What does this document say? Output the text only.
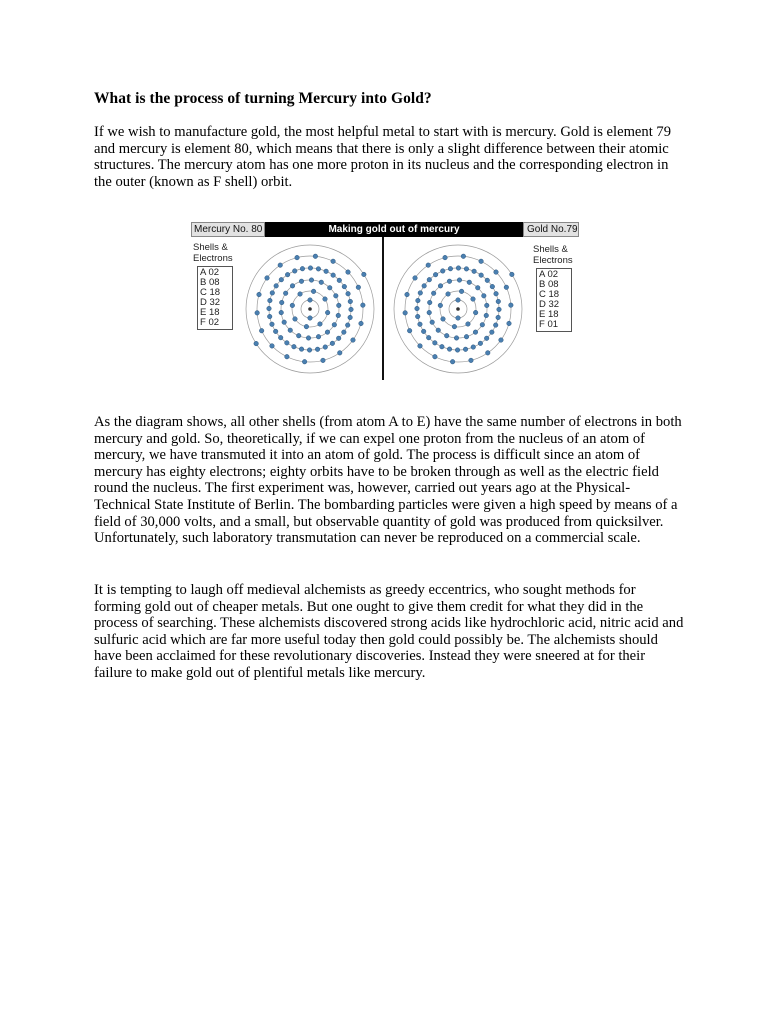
What is the process of turning Mercury into Gold?

If we wish to manufacture gold, the most helpful metal to start with is mercury. Gold is element 79 and mercury is element 80, which means that there is only a slight difference between their atomic structures. The mercury atom has one more proton in its nucleus and the corresponding electron in the outer (known as F shell) orbit.

Mercury No. 80	Making gold out of mercury	Gold No.79
Shells &
Electrons
A 02
B 08
C 18
D 32
E 18
F 02
Shells &
Electrons
A 02
B 08
C 18
D 32
E 18
F 01

As the diagram shows, all other shells (from atom A to E) have the same number of electrons in both mercury and gold. So, theoretically, if we can expel one proton from the nucleus of an atom of mercury, we have transmuted it into an atom of gold. The process is difficult since an atom of mercury has eighty electrons; eighty orbits have to be broken through as well as the electric field round the nucleus. The first experiment was, however, carried out years ago at the Physical-Technical State Institute of Berlin. The bombarding particles were given a high speed by means of a field of 30,000 volts, and a small, but observable quantity of gold was produced from quicksilver. Unfortunately, such laboratory transmutation can never be reproduced on a commercial scale.

It is tempting to laugh off medieval alchemists as greedy eccentrics, who sought methods for forming gold out of cheaper metals. But one ought to give them credit for what they did in the process of searching. These alchemists discovered strong acids like hydrochloric acid, nitric acid and sulfuric acid which are far more useful today then gold could possibly be. The alchemists should have been acclaimed for these revolutionary discoveries. Instead they were sneered at for their failure to make gold out of plentiful metals like mercury.
